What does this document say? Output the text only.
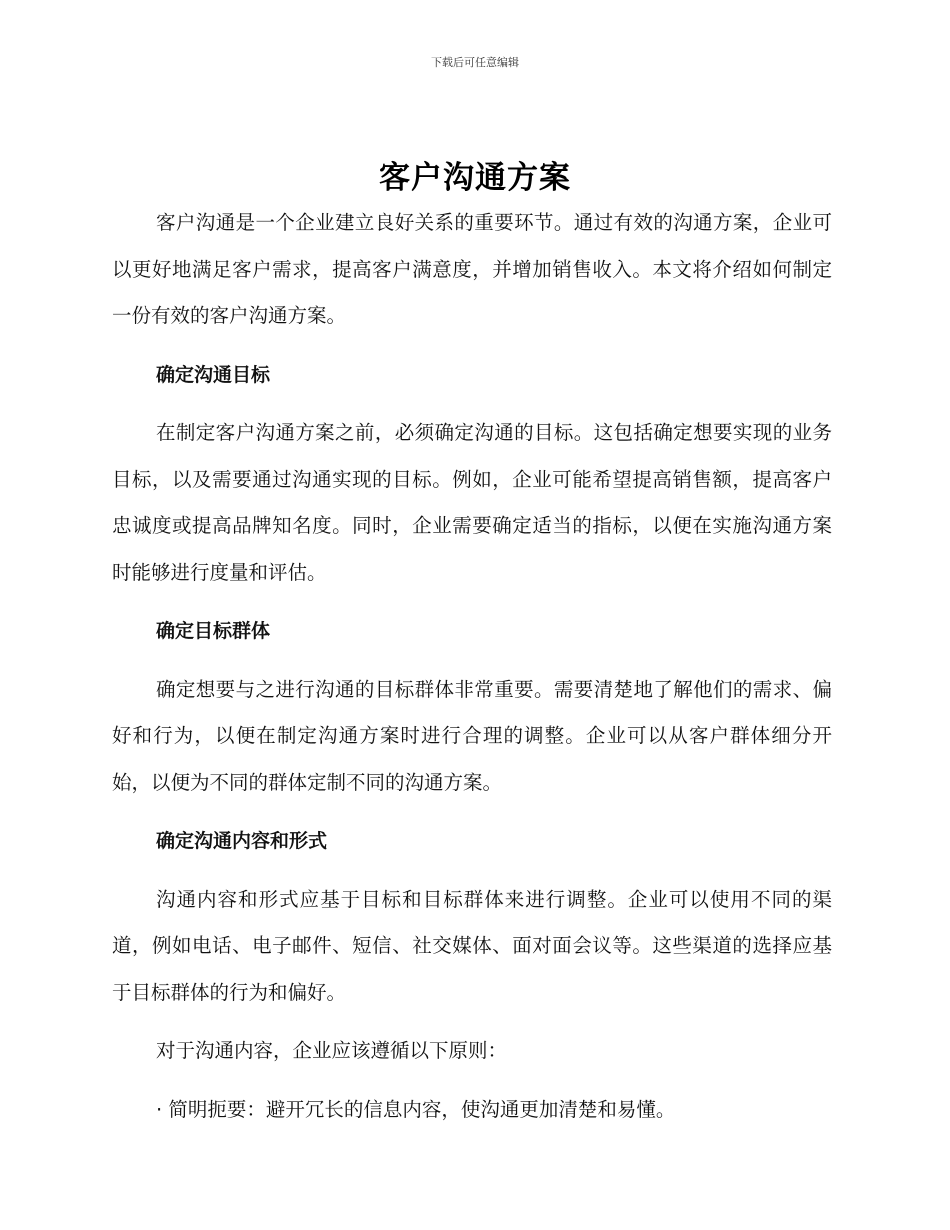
下载后可任意编辑
客户沟通方案

客户沟通是一个企业建立良好关系的重要环节。通过有效的沟通方案，企业可以更好地满足客户需求，提高客户满意度，并增加销售收入。本文将介绍如何制定一份有效的客户沟通方案。

确定沟通目标

在制定客户沟通方案之前，必须确定沟通的目标。这包括确定想要实现的业务目标，以及需要通过沟通实现的目标。例如，企业可能希望提高销售额，提高客户忠诚度或提高品牌知名度。同时，企业需要确定适当的指标，以便在实施沟通方案时能够进行度量和评估。

确定目标群体

确定想要与之进行沟通的目标群体非常重要。需要清楚地了解他们的需求、偏好和行为，以便在制定沟通方案时进行合理的调整。企业可以从客户群体细分开始，以便为不同的群体定制不同的沟通方案。

确定沟通内容和形式

沟通内容和形式应基于目标和目标群体来进行调整。企业可以使用不同的渠道，例如电话、电子邮件、短信、社交媒体、面对面会议等。这些渠道的选择应基于目标群体的行为和偏好。

对于沟通内容，企业应该遵循以下原则：

· 简明扼要：避开冗长的信息内容，使沟通更加清楚和易懂。
